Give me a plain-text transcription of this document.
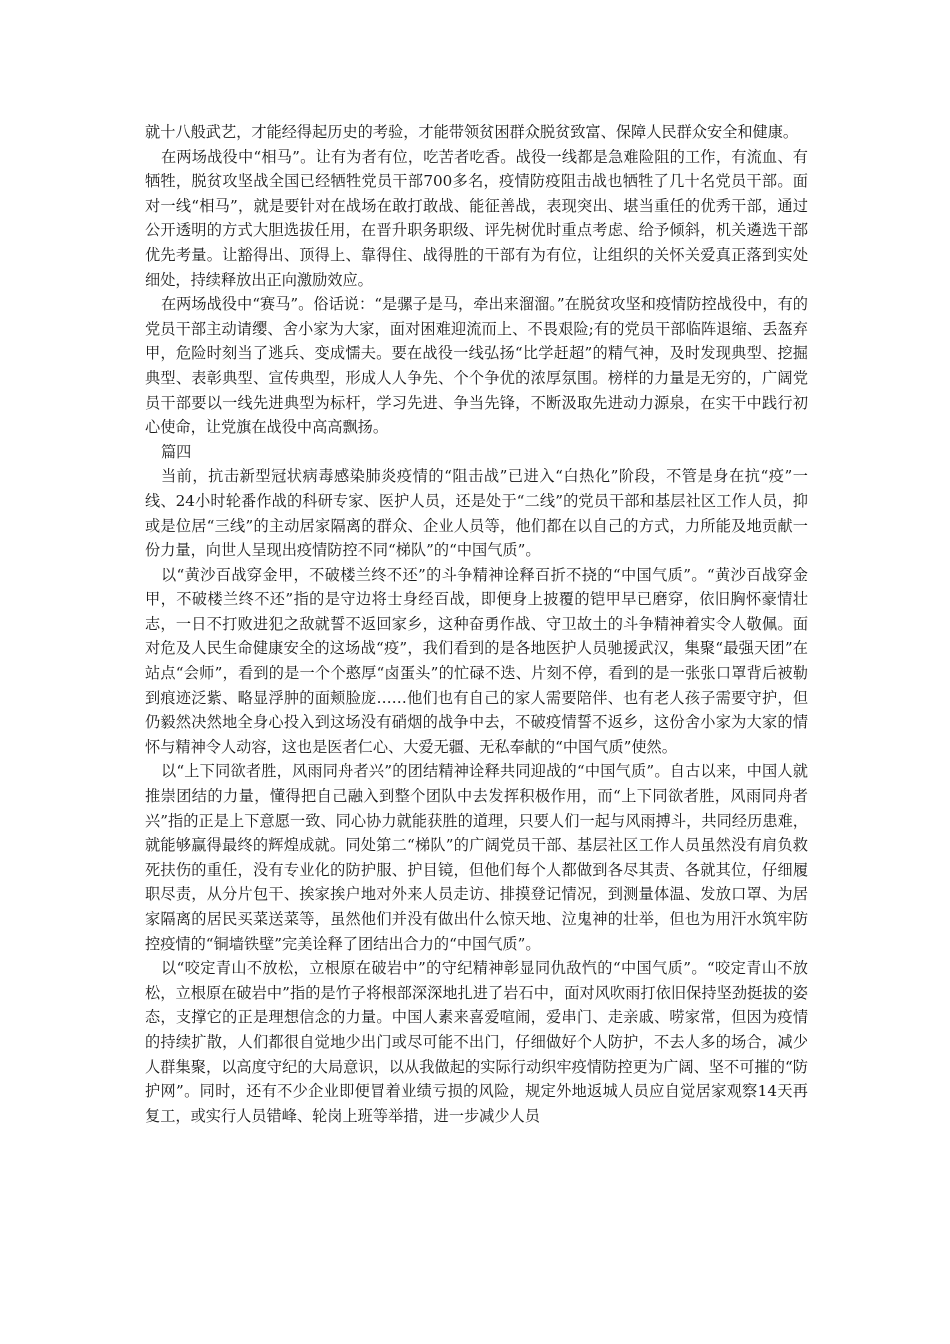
就十八般武艺，才能经得起历史的考验，才能带领贫困群众脱贫致富、保障人民群众安全和健康。

在两场战役中“相马”。让有为者有位，吃苦者吃香。战役一线都是急难险阻的工作，有流血、有牺牲，脱贫攻坚战全国已经牺牲党员干部700多名，疫情防疫阻击战也牺牲了几十名党员干部。面对一线“相马”，就是要针对在战场在敢打敢战、能征善战，表现突出、堪当重任的优秀干部，通过公开透明的方式大胆选拔任用，在晋升职务职级、评先树优时重点考虑、给予倾斜，机关遴选干部优先考量。让豁得出、顶得上、靠得住、战得胜的干部有为有位，让组织的关怀关爱真正落到实处细处，持续释放出正向激励效应。

在两场战役中“赛马”。俗话说：“是骡子是马，牵出来溜溜。”在脱贫攻坚和疫情防控战役中，有的党员干部主动请缨、舍小家为大家，面对困难迎流而上、不畏艰险;有的党员干部临阵退缩、丢盔弃甲，危险时刻当了逃兵、变成懦夫。要在战役一线弘扬“比学赶超”的精气神，及时发现典型、挖掘典型、表彰典型、宣传典型，形成人人争先、个个争优的浓厚氛围。榜样的力量是无穷的，广阔党员干部要以一线先进典型为标杆，学习先进、争当先锋，不断汲取先进动力源泉，在实干中践行初心使命，让党旗在战役中高高飘扬。

篇四

当前，抗击新型冠状病毒感染肺炎疫情的“阻击战”已进入“白热化”阶段，不管是身在抗“疫”一线、24小时轮番作战的科研专家、医护人员，还是处于“二线”的党员干部和基层社区工作人员，抑或是位居“三线”的主动居家隔离的群众、企业人员等，他们都在以自己的方式，力所能及地贡献一份力量，向世人呈现出疫情防控不同“梯队”的“中国气质”。

以“黄沙百战穿金甲，不破楼兰终不还”的斗争精神诠释百折不挠的“中国气质”。“黄沙百战穿金甲，不破楼兰终不还”指的是守边将士身经百战，即便身上披覆的铠甲早已磨穿，依旧胸怀豪情壮志，一日不打败进犯之敌就誓不返回家乡，这种奋勇作战、守卫故土的斗争精神着实令人敬佩。面对危及人民生命健康安全的这场战“疫”，我们看到的是各地医护人员驰援武汉，集聚“最强天团”在站点“会师”，看到的是一个个憨厚“卤蛋头”的忙碌不迭、片刻不停，看到的是一张张口罩背后被勒到痕迹泛紫、略显浮肿的面颊脸庞……他们也有自己的家人需要陪伴、也有老人孩子需要守护，但仍毅然决然地全身心投入到这场没有硝烟的战争中去，不破疫情誓不返乡，这份舍小家为大家的情怀与精神令人动容，这也是医者仁心、大爱无疆、无私奉献的“中国气质”使然。

以“上下同欲者胜，风雨同舟者兴”的团结精神诠释共同迎战的“中国气质”。自古以来，中国人就推崇团结的力量，懂得把自己融入到整个团队中去发挥积极作用，而“上下同欲者胜，风雨同舟者兴”指的正是上下意愿一致、同心协力就能获胜的道理，只要人们一起与风雨搏斗，共同经历患难，就能够赢得最终的辉煌成就。同处第二“梯队”的广阔党员干部、基层社区工作人员虽然没有肩负救死扶伤的重任，没有专业化的防护服、护目镜，但他们每个人都做到各尽其责、各就其位，仔细履职尽责，从分片包干、挨家挨户地对外来人员走访、排摸登记情况，到测量体温、发放口罩、为居家隔离的居民买菜送菜等，虽然他们并没有做出什么惊天地、泣鬼神的壮举，但也为用汗水筑牢防控疫情的“铜墙铁壁”完美诠释了团结出合力的“中国气质”。

以“咬定青山不放松，立根原在破岩中”的守纪精神彰显同仇敌忾的“中国气质”。“咬定青山不放松，立根原在破岩中”指的是竹子将根部深深地扎进了岩石中，面对风吹雨打依旧保持坚劲挺拔的姿态，支撑它的正是理想信念的力量。中国人素来喜爱喧闹，爱串门、走亲戚、唠家常，但因为疫情的持续扩散，人们都很自觉地少出门或尽可能不出门，仔细做好个人防护，不去人多的场合，减少人群集聚，以高度守纪的大局意识，以从我做起的实际行动织牢疫情防控更为广阔、坚不可摧的“防护网”。同时，还有不少企业即便冒着业绩亏损的风险，规定外地返城人员应自觉居家观察14天再复工，或实行人员错峰、轮岗上班等举措，进一步减少人员
